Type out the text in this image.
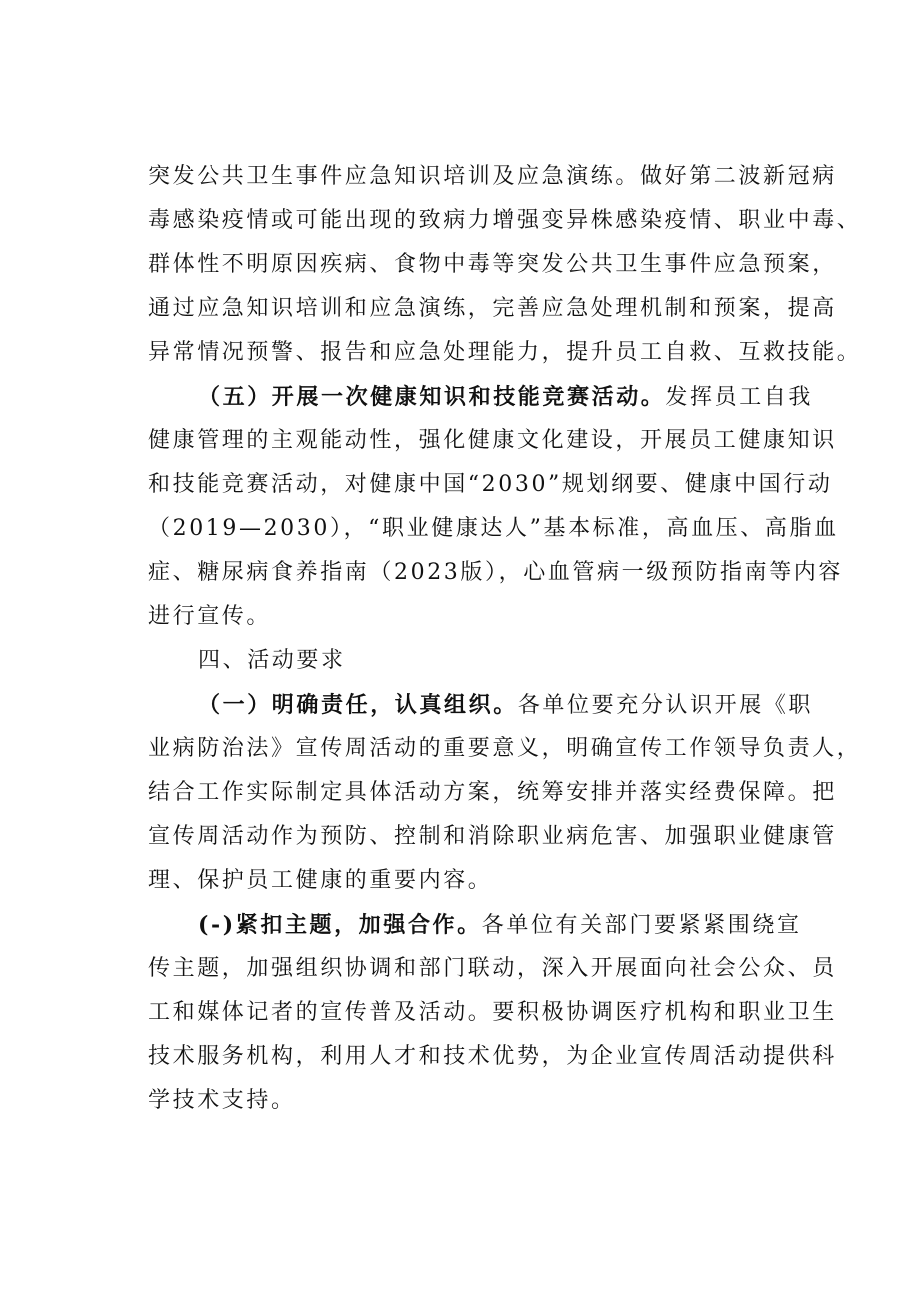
突发公共卫生事件应急知识培训及应急演练。做好第二波新冠病
毒感染疫情或可能出现的致病力增强变异株感染疫情、职业中毒、
群体性不明原因疾病、食物中毒等突发公共卫生事件应急预案，
通过应急知识培训和应急演练，完善应急处理机制和预案，提高
异常情况预警、报告和应急处理能力，提升员工自救、互救技能。
（五）开展一次健康知识和技能竞赛活动。发挥员工自我
健康管理的主观能动性，强化健康文化建设，开展员工健康知识
和技能竞赛活动，对健康中国“2030”规划纲要、健康中国行动
（2019—2030），“职业健康达人”基本标准，高血压、高脂血
症、糖尿病食养指南（2023版），心血管病一级预防指南等内容
进行宣传。
四、活动要求
（一）明确责任，认真组织。各单位要充分认识开展《职
业病防治法》宣传周活动的重要意义，明确宣传工作领导负责人，
结合工作实际制定具体活动方案，统筹安排并落实经费保障。把
宣传周活动作为预防、控制和消除职业病危害、加强职业健康管
理、保护员工健康的重要内容。
(-)紧扣主题，加强合作。各单位有关部门要紧紧围绕宣
传主题，加强组织协调和部门联动，深入开展面向社会公众、员
工和媒体记者的宣传普及活动。要积极协调医疗机构和职业卫生
技术服务机构，利用人才和技术优势，为企业宣传周活动提供科
学技术支持。
